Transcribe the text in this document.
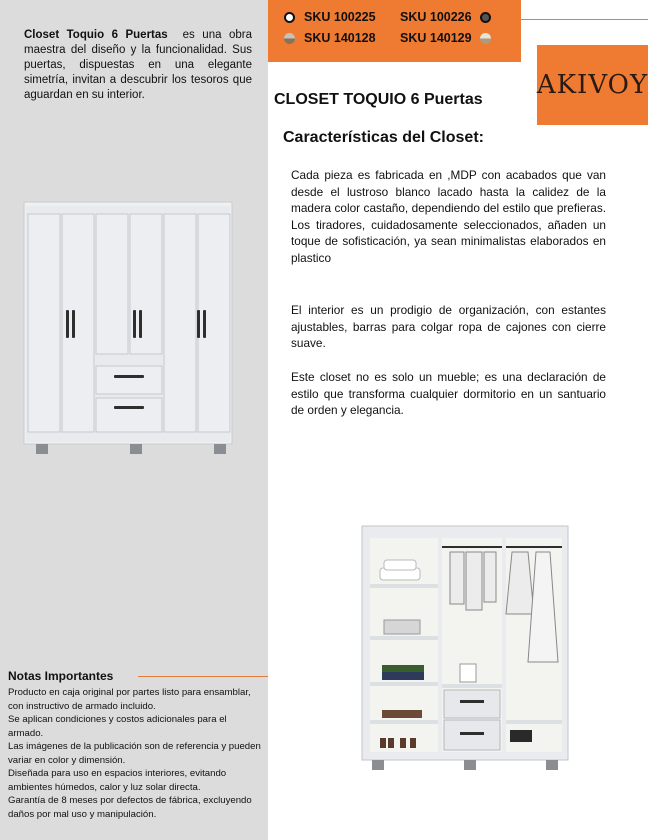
Closet Toquio 6 Puertas es una obra maestra del diseño y la funcionalidad. Sus puertas, dispuestas en una elegante simetría, invitan a descubrir los tesoros que aguardan en su interior.

Notas Importantes
Producto en caja original por partes listo para ensamblar, con instructivo de armado incluido.
Se aplican condiciones y costos adicionales para el armado.
Las imágenes de la publicación son de referencia y pueden variar en color y dimensión.
Diseñada para uso en espacios interiores, evitando ambientes húmedos, calor y luz solar directa.
Garantía de 8 meses por defectos de fábrica, excluyendo daños por mal uso y manipulación.
SKU 100225 SKU 100226
SKU 140128 SKU 140129
AKIVOY
CLOSET TOQUIO 6 Puertas
Características del Closet:

Cada pieza es fabricada en ,MDP con acabados que van desde el lustroso blanco lacado hasta la calidez de la madera color castaño, dependiendo del estilo que prefieras. Los tiradores, cuidadosamente seleccionados, añaden un toque de sofisticación, ya sean minimalistas elaborados en plastico

El interior es un prodigio de organización, con estantes ajustables, barras para colgar ropa de cajones con cierre suave.

Este closet no es solo un mueble; es una declaración de estilo que transforma cualquier dormitorio en un santuario de orden y elegancia.
